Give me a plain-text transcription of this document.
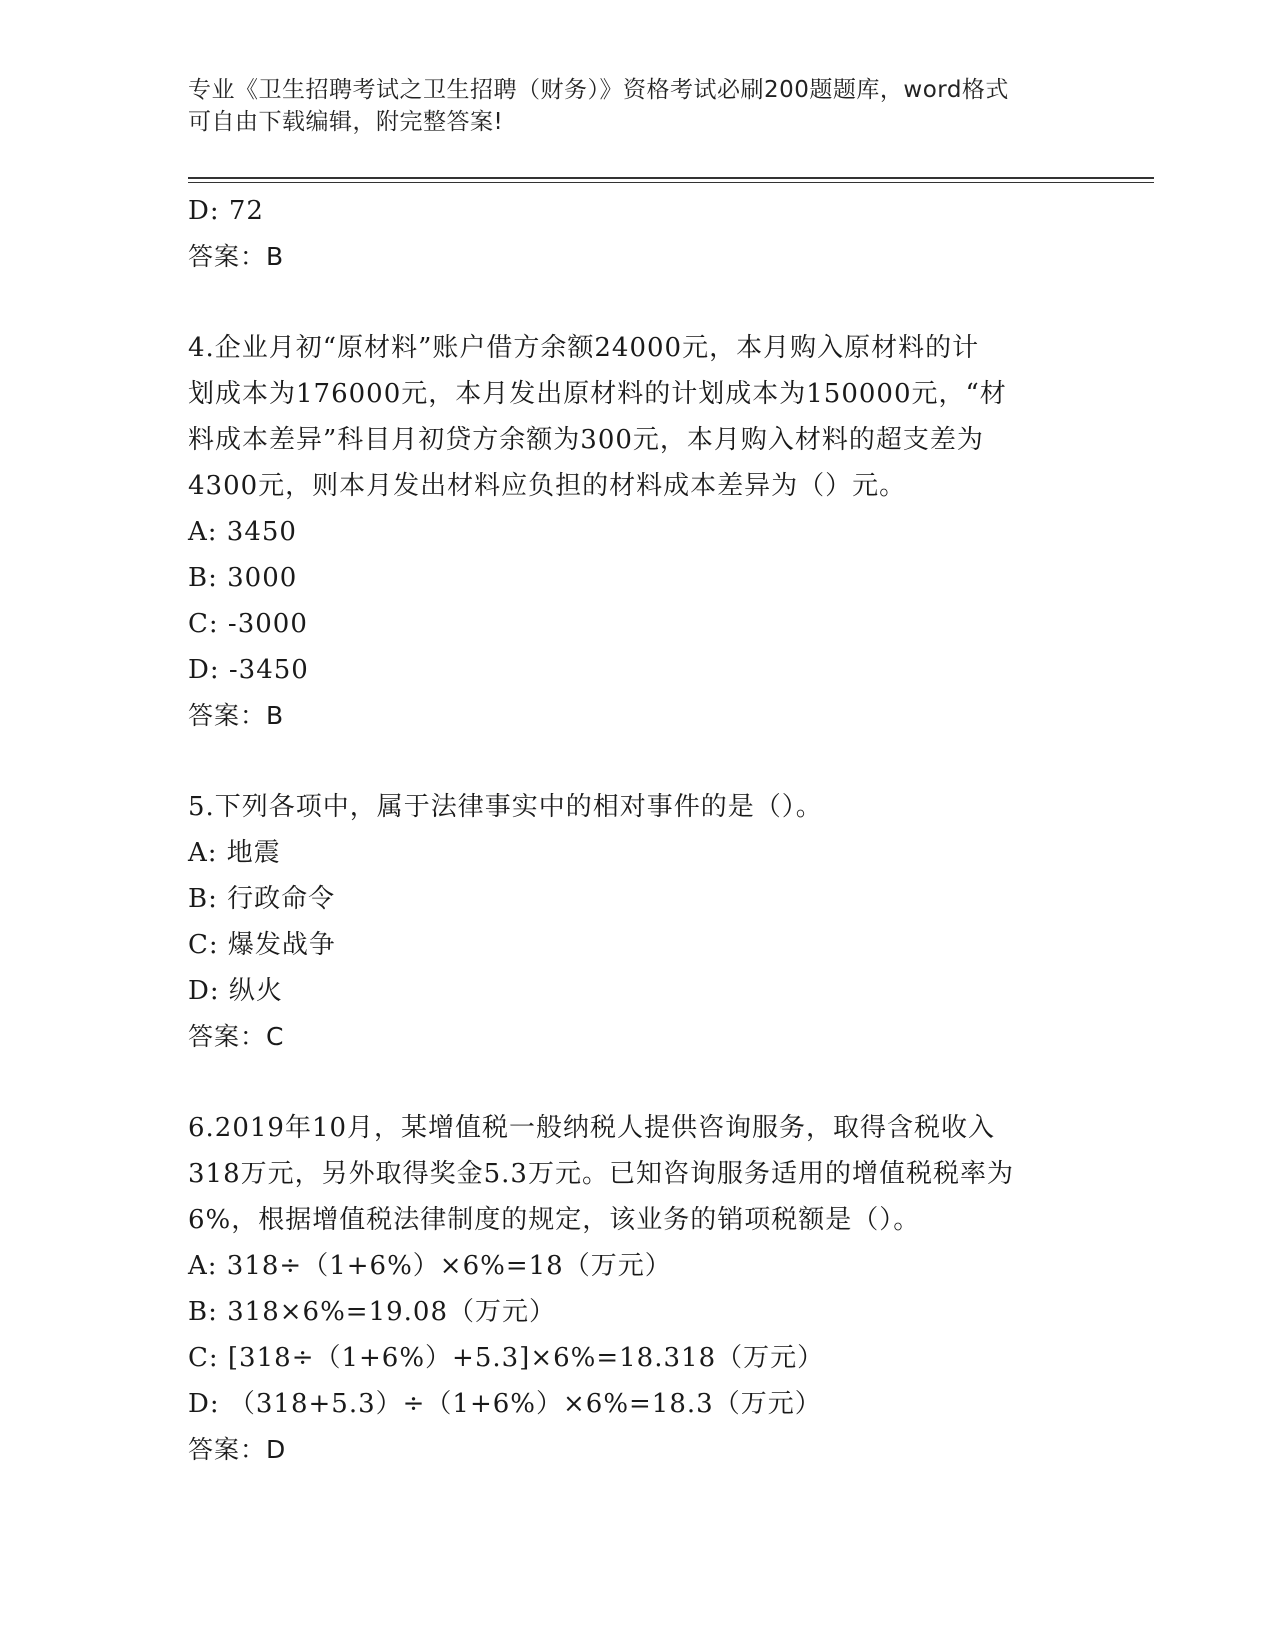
专业《卫生招聘考试之卫生招聘（财务）》资格考试必刷200题题库，word格式
可自由下载编辑，附完整答案!
D: 72
答案：B
4.企业月初“原材料”账户借方余额24000元，本月购入原材料的计
划成本为176000元，本月发出原材料的计划成本为150000元，“材
料成本差异”科目月初贷方余额为300元，本月购入材料的超支差为
4300元，则本月发出材料应负担的材料成本差异为（）元。
A: 3450
B: 3000
C: -3000
D: -3450
答案：B
5.下列各项中，属于法律事实中的相对事件的是（）。
A: 地震
B: 行政命令
C: 爆发战争
D: 纵火
答案：C
6.2019年10月，某增值税一般纳税人提供咨询服务，取得含税收入
318万元，另外取得奖金5.3万元。已知咨询服务适用的增值税税率为
6%，根据增值税法律制度的规定，该业务的销项税额是（）。
A: 318÷（1+6%）×6%=18（万元）
B: 318×6%=19.08（万元）
C: [318÷（1+6%）+5.3]×6%=18.318（万元）
D: （318+5.3）÷（1+6%）×6%=18.3（万元）
答案：D
